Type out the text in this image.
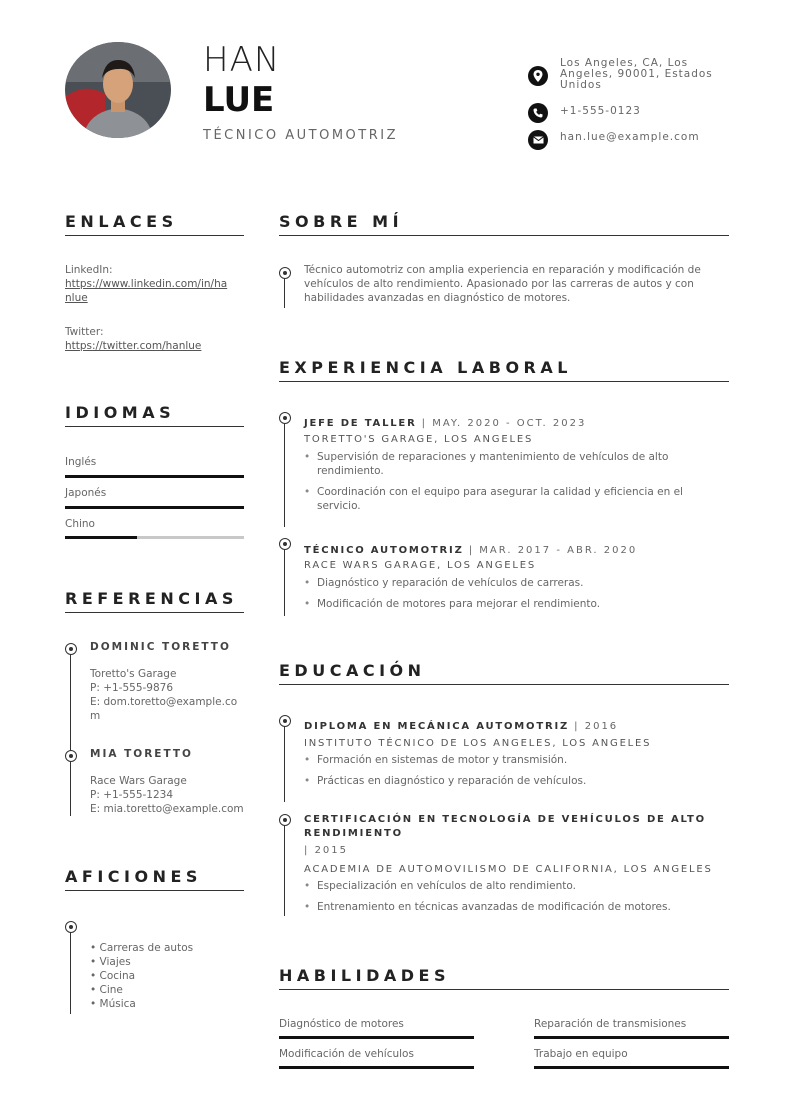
HAN
LUE
TÉCNICO AUTOMOTRIZ
Los Angeles, CA, Los
Angeles, 90001, Estados
Unidos
+1-555-0123
han.lue@example.com
ENLACES
LinkedIn:
https://www.linkedin.com/in/ha
nlue
Twitter:
https://twitter.com/hanlue
IDIOMAS
Inglés
Japonés
Chino
REFERENCIAS
DOMINIC TORETTO
Toretto's Garage
P: +1-555-9876
E: dom.toretto@example.co
m
MIA TORETTO
Race Wars Garage
P: +1-555-1234
E: mia.toretto@example.com
AFICIONES
• Carreras de autos
• Viajes
• Cocina
• Cine
• Música
SOBRE MÍ
Técnico automotriz con amplia experiencia en reparación y modificación de
vehículos de alto rendimiento. Apasionado por las carreras de autos y con
habilidades avanzadas en diagnóstico de motores.
EXPERIENCIA LABORAL
JEFE DE TALLER | MAY. 2020 - OCT. 2023
TORETTO'S GARAGE, LOS ANGELES
• Supervisión de reparaciones y mantenimiento de vehículos de alto
rendimiento.
• Coordinación con el equipo para asegurar la calidad y eficiencia en el
servicio.
TÉCNICO AUTOMOTRIZ | MAR. 2017 - ABR. 2020
RACE WARS GARAGE, LOS ANGELES
• Diagnóstico y reparación de vehículos de carreras.
• Modificación de motores para mejorar el rendimiento.
EDUCACIÓN
DIPLOMA EN MECÁNICA AUTOMOTRIZ | 2016
INSTITUTO TÉCNICO DE LOS ANGELES, LOS ANGELES
• Formación en sistemas de motor y transmisión.
• Prácticas en diagnóstico y reparación de vehículos.
CERTIFICACIÓN EN TECNOLOGÍA DE VEHÍCULOS DE ALTO
RENDIMIENTO
| 2015
ACADEMIA DE AUTOMOVILISMO DE CALIFORNIA, LOS ANGELES
• Especialización en vehículos de alto rendimiento.
• Entrenamiento en técnicas avanzadas de modificación de motores.
HABILIDADES
Diagnóstico de motores	Reparación de transmisiones
Modificación de vehículos	Trabajo en equipo
